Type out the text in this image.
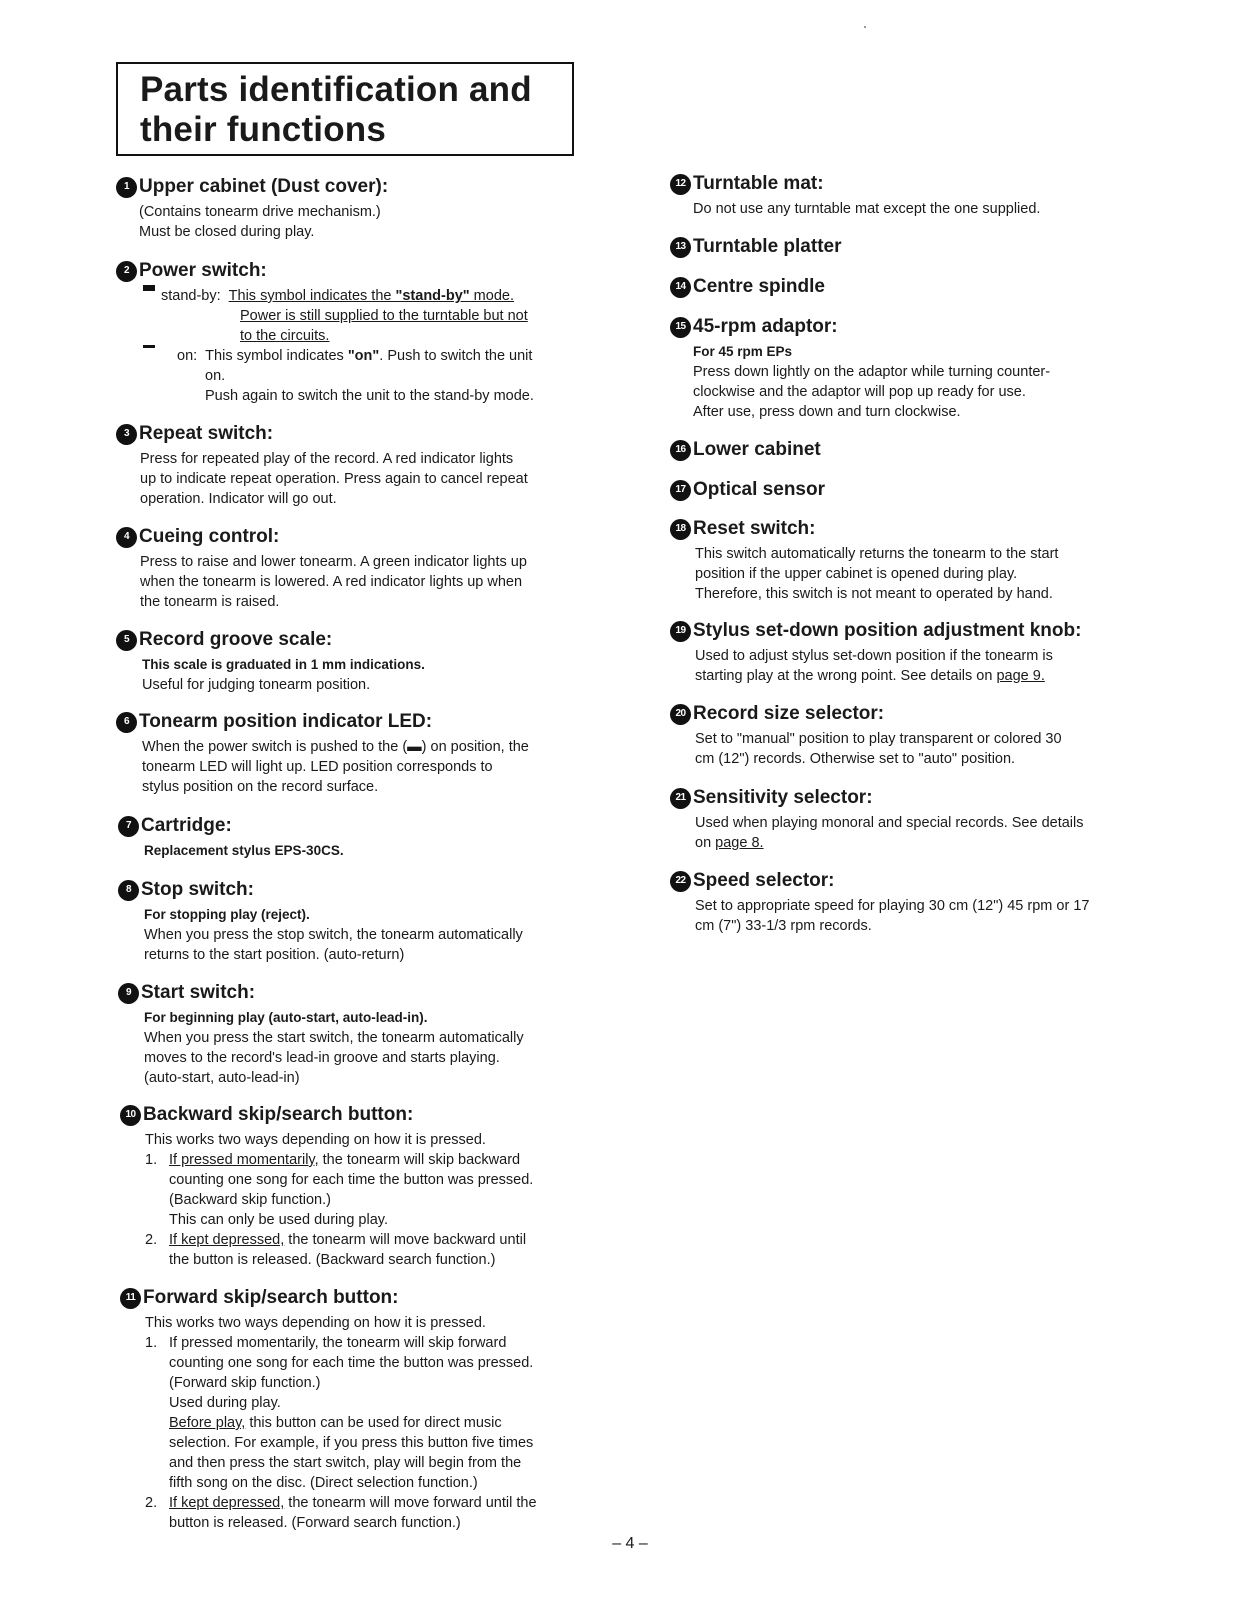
Parts identification and
their functions
1 Upper cabinet (Dust cover):

(Contains tonearm drive mechanism.)

Must be closed during play.

2 Power switch:
stand-by: This symbol indicates the "stand-by" mode.

Power is still supplied to the turntable but not

to the circuits.

on: This symbol indicates "on". Push to switch the unit

on.

Push again to switch the unit to the stand-by mode.

3 Repeat switch:

Press for repeated play of the record. A red indicator lights

up to indicate repeat operation. Press again to cancel repeat

operation. Indicator will go out.

4 Cueing control:

Press to raise and lower tonearm. A green indicator lights up

when the tonearm is lowered. A red indicator lights up when

the tonearm is raised.

5 Record groove scale:

This scale is graduated in 1 mm indications.

Useful for judging tonearm position.

6 Tonearm position indicator LED:

When the power switch is pushed to the (▬) on position, the

tonearm LED will light up. LED position corresponds to

stylus position on the record surface.

7 Cartridge:

Replacement stylus EPS-30CS.

8 Stop switch:

For stopping play (reject).

When you press the stop switch, the tonearm automatically

returns to the start position. (auto-return)

9 Start switch:

For beginning play (auto-start, auto-lead-in).

When you press the start switch, the tonearm automatically

moves to the record's lead-in groove and starts playing.

(auto-start, auto-lead-in)

10 Backward skip/search button:

This works two ways depending on how it is pressed.

1. If pressed momentarily, the tonearm will skip backward

counting one song for each time the button was pressed.

(Backward skip function.)

This can only be used during play.

2. If kept depressed, the tonearm will move backward until

the button is released. (Backward search function.)

11 Forward skip/search button:

This works two ways depending on how it is pressed.

1. If pressed momentarily, the tonearm will skip forward

counting one song for each time the button was pressed.

(Forward skip function.)

Used during play.

Before play, this button can be used for direct music

selection. For example, if you press this button five times

and then press the start switch, play will begin from the

fifth song on the disc. (Direct selection function.)

2. If kept depressed, the tonearm will move forward until the

button is released. (Forward search function.)

12 Turntable mat:

Do not use any turntable mat except the one supplied.

13 Turntable platter
14 Centre spindle
15 45-rpm adaptor:

For 45 rpm EPs

Press down lightly on the adaptor while turning counter-

clockwise and the adaptor will pop up ready for use.

After use, press down and turn clockwise.

16 Lower cabinet
17 Optical sensor
18 Reset switch:

This switch automatically returns the tonearm to the start

position if the upper cabinet is opened during play.

Therefore, this switch is not meant to operated by hand.

19 Stylus set-down position adjustment knob:

Used to adjust stylus set-down position if the tonearm is

starting play at the wrong point. See details on page 9.

20 Record size selector:

Set to "manual" position to play transparent or colored 30

cm (12") records. Otherwise set to "auto" position.

21 Sensitivity selector:

Used when playing monoral and special records. See details

on page 8.

22 Speed selector:

Set to appropriate speed for playing 30 cm (12") 45 rpm or 17

cm (7") 33-1/3 rpm records.

– 4 –
